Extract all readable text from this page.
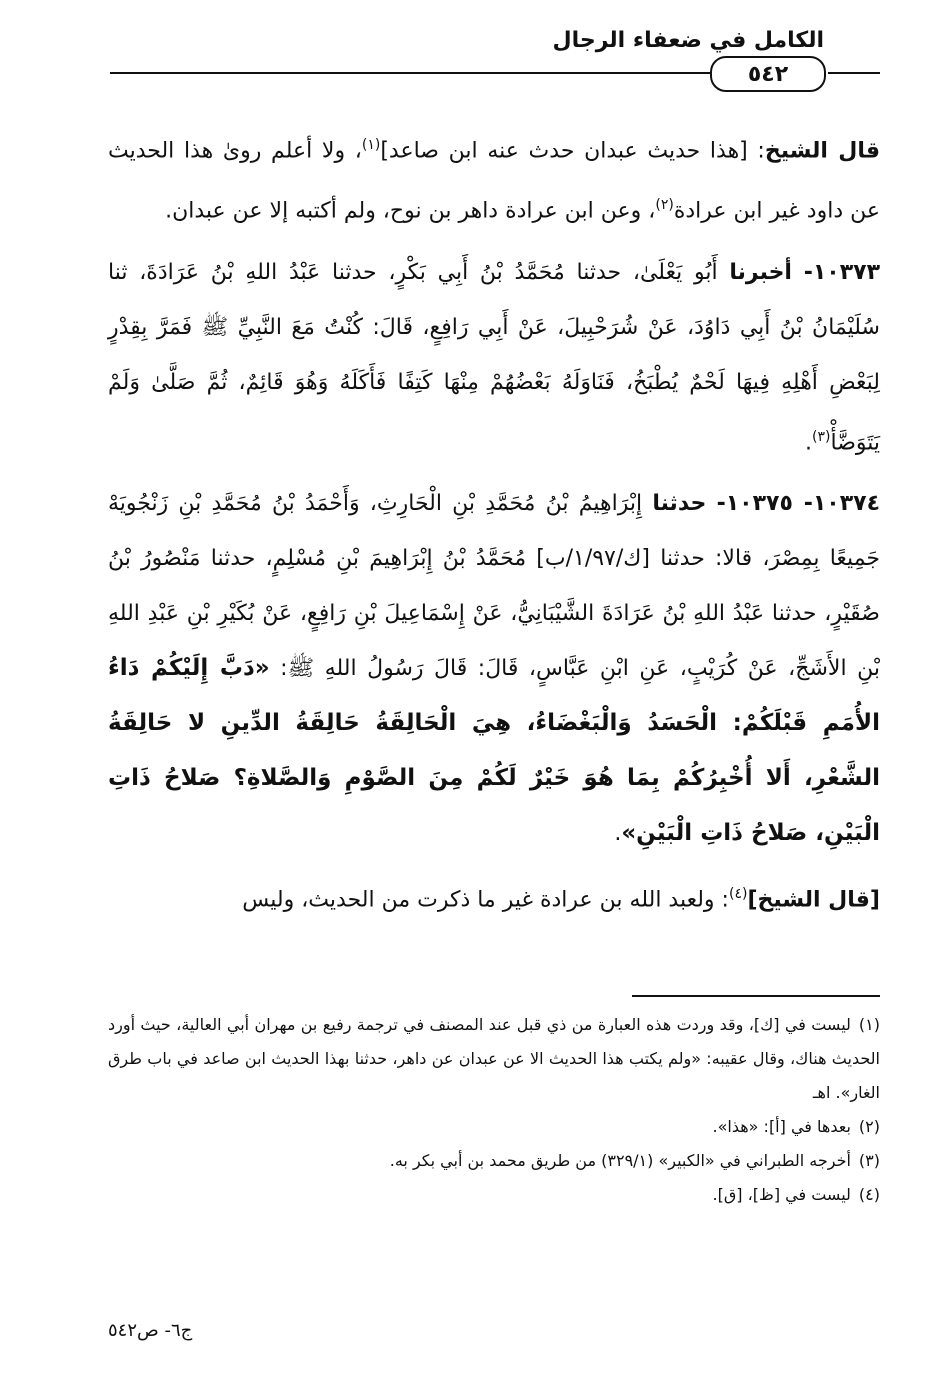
الكامل في ضعفاء الرجال
٥٤٢

قال الشيخ: [هذا حديث عبدان حدث عنه ابن صاعد]$^{(١)}$، ولا أعلم روىٰ هذا الحديث عن داود غير ابن عرادة$^{(٢)}$، وعن ابن عرادة داهر بن نوح، ولم أكتبه إلا عن عبدان.

١٠٣٧٣- أخبرنا أَبُو يَعْلَىٰ، حدثنا مُحَمَّدُ بْنُ أَبِي بَكْرٍ، حدثنا عَبْدُ اللهِ بْنُ عَرَادَةَ، ثنا سُلَيْمَانُ بْنُ أَبِي دَاوُدَ، عَنْ شُرَحْبِيلَ، عَنْ أَبِي رَافِعٍ، قَالَ: كُنْتُ مَعَ النَّبِيِّ ﷺ فَمَرَّ بِقِدْرٍ لِبَعْضِ أَهْلِهِ فِيهَا لَحْمٌ يُطْبَخُ، فَنَاوَلَهُ بَعْضُهُمْ مِنْهَا كَتِفًا فَأَكَلَهُ وَهُوَ قَائِمٌ، ثُمَّ صَلَّىٰ وَلَمْ يَتَوَضَّأْ$^{(٣)}$.

١٠٣٧٤- ١٠٣٧٥- حدثنا إِبْرَاهِيمُ بْنُ مُحَمَّدِ بْنِ الْحَارِثِ، وَأَحْمَدُ بْنُ مُحَمَّدِ بْنِ زَنْجُويَهْ جَمِيعًا بِمِصْرَ، قالا: حدثنا [ك/١/٩٧/ب] مُحَمَّدُ بْنُ إِبْرَاهِيمَ بْنِ مُسْلِمٍ، حدثنا مَنْصُورُ بْنُ صُقَيْرٍ، حدثنا عَبْدُ اللهِ بْنُ عَرَادَةَ الشَّيْبَانِيُّ، عَنْ إِسْمَاعِيلَ بْنِ رَافِعٍ، عَنْ بُكَيْرِ بْنِ عَبْدِ اللهِ بْنِ الأَشَجِّ، عَنْ كُرَيْبٍ، عَنِ ابْنِ عَبَّاسٍ، قَالَ: قَالَ رَسُولُ اللهِ ﷺ: «دَبَّ إِلَيْكُمْ دَاءُ الأُمَمِ قَبْلَكُمْ: الْحَسَدُ وَالْبَغْضَاءُ، هِيَ الْحَالِقَةُ حَالِقَةُ الدِّينِ لا حَالِقَةُ الشَّعْرِ، أَلا أُخْبِرُكُمْ بِمَا هُوَ خَيْرٌ لَكُمْ مِنَ الصَّوْمِ وَالصَّلاةِ؟ صَلاحُ ذَاتِ الْبَيْنِ، صَلاحُ ذَاتِ الْبَيْنِ».

[قال الشيخ]$^{(٤)}$: ولعبد الله بن عرادة غير ما ذكرت من الحديث، وليس

(١)ليست في [ك]، وقد وردت هذه العبارة من ذي قبل عند المصنف في ترجمة رفيع بن مهران أبي العالية، حيث أورد الحديث هناك، وقال عقيبه: «ولم يكتب هذا الحديث الا عن عبدان عن داهر، حدثنا بهذا الحديث ابن صاعد في باب طرق الغار». اهـ

(٢)بعدها في [أ]: «هذا».

(٣)أخرجه الطبراني في «الكبير» (٣٢٩/١) من طريق محمد بن أبي بكر به.

(٤)ليست في [ظ]، [ق].

ج٦- ص٥٤٢
